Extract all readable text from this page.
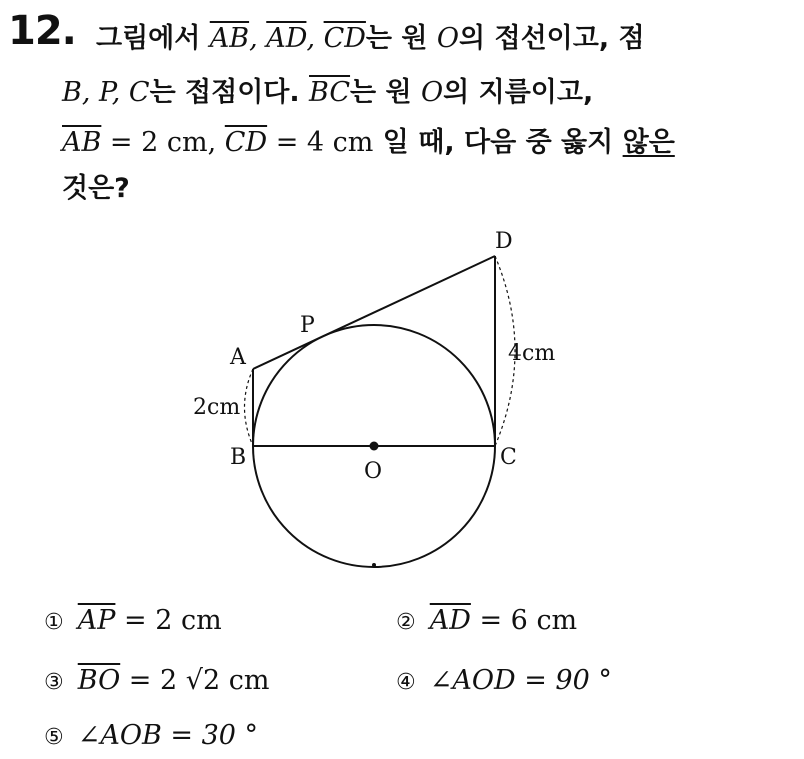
12. 그림에서 $\overline{AB}$, $\overline{AD}$, $\overline{CD}$는 원 O의 접선이고, 점
B, P, C는 접점이다. $\overline{BC}$는 원 O의 지름이고,
$\overline{AB} = 2$ cm, $\overline{CD} = 4$ cm 일 때, 다음 중 옳지 않은
것은?
A
B	C
D
P
O
2cm
4cm
① $\overline{AP} = 2$ cm	② $\overline{AD} = 6$ cm
③ $\overline{BO} = 2$ √2 cm	④ ∠AOD = 90 °
⑤ ∠AOB = 30 °
